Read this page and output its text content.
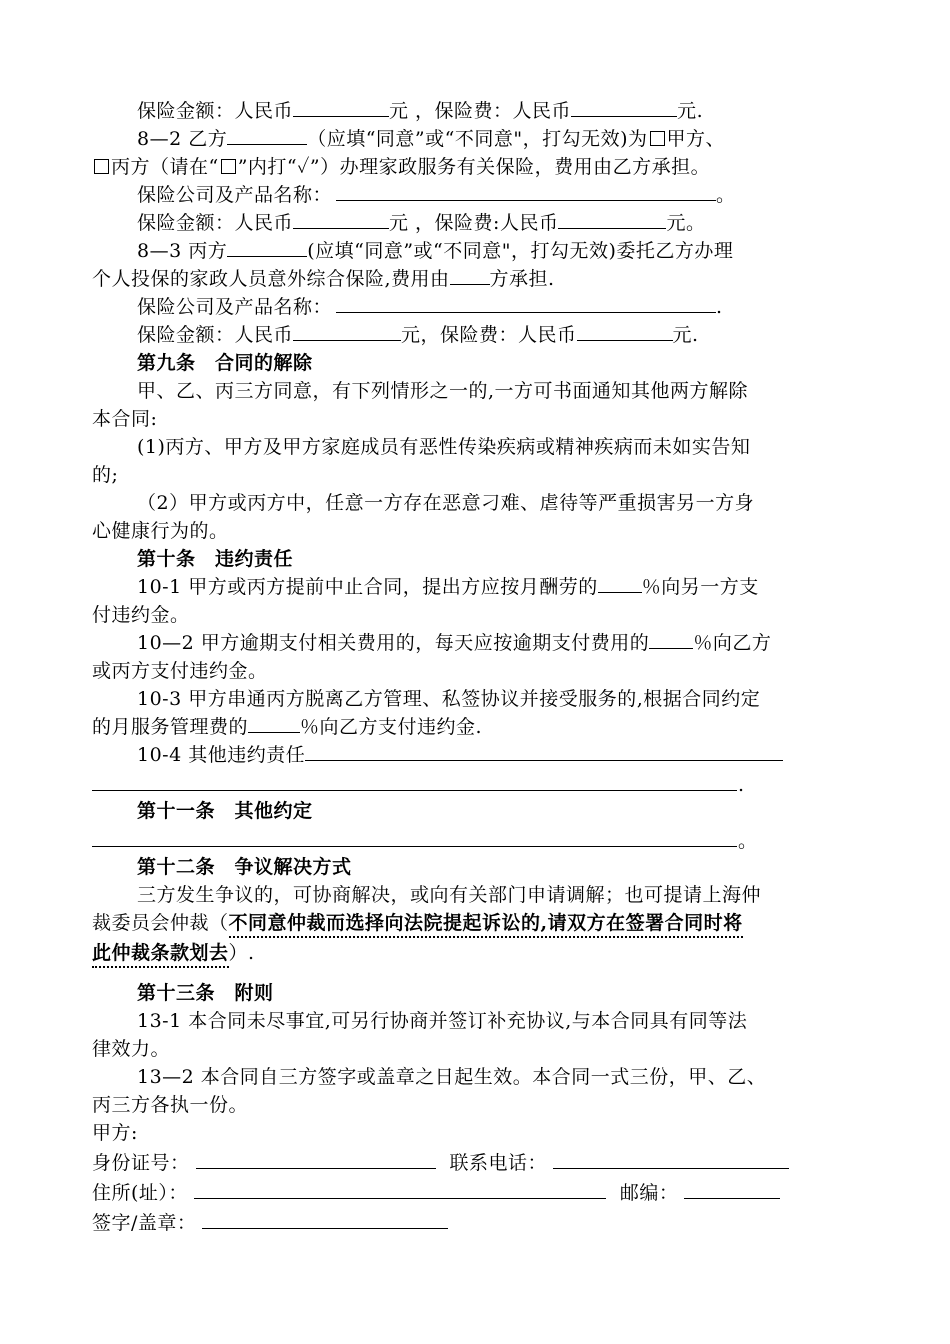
保险金额：人民币	元 ，保险费：人民币	元.
8—2 乙方	（应填“同意”或“不同意"，打勾无效)为 甲方、
丙方（请在“ ”内打“✓”）办理家政服务有关保险，费用由乙方承担。
保险公司及产品名称：	。
保险金额：人民币	元 ，保险费:人民币	元。
8—3 丙方	(应填“同意”或“不同意"，打勾无效)委托乙方办理
个人投保的家政人员意外综合保险,费用由 方承担.
保险公司及产品名称：	.
保险金额：人民币	元，保险费：人民币	元.
第九条　合同的解除
甲、乙、丙三方同意，有下列情形之一的,一方可书面通知其他两方解除
本合同:
(1)丙方、甲方及甲方家庭成员有恶性传染疾病或精神疾病而未如实告知
的;
（2）甲方或丙方中，任意一方存在恶意刁难、虐待等严重损害另一方身
心健康行为的。
第十条　违约责任
10-1 甲方或丙方提前中止合同，提出方应按月酬劳的 ％向另一方支
付违约金。
10—2 甲方逾期支付相关费用的，每天应按逾期支付费用的 ％向乙方
或丙方支付违约金。
10-3 甲方串通丙方脱离乙方管理、私签协议并接受服务的,根据合同约定
的月服务管理费的	％向乙方支付违约金.
10-4 其他违约责任
.
第十一条　其他约定
。
第十二条　争议解决方式
三方发生争议的，可协商解决，或向有关部门申请调解；也可提请上海仲
裁委员会仲裁（不同意仲裁而选择向法院提起诉讼的,请双方在签署合同时将
此仲裁条款划去）.
第十三条　附则
13-1 本合同未尽事宜,可另行协商并签订补充协议,与本合同具有同等法
律效力。
13—2 本合同自三方签字或盖章之日起生效。本合同一式三份，甲、乙、
丙三方各执一份。
甲方:
身份证号：	联系电话：
住所(址）：	邮编：
签字/盖章：
